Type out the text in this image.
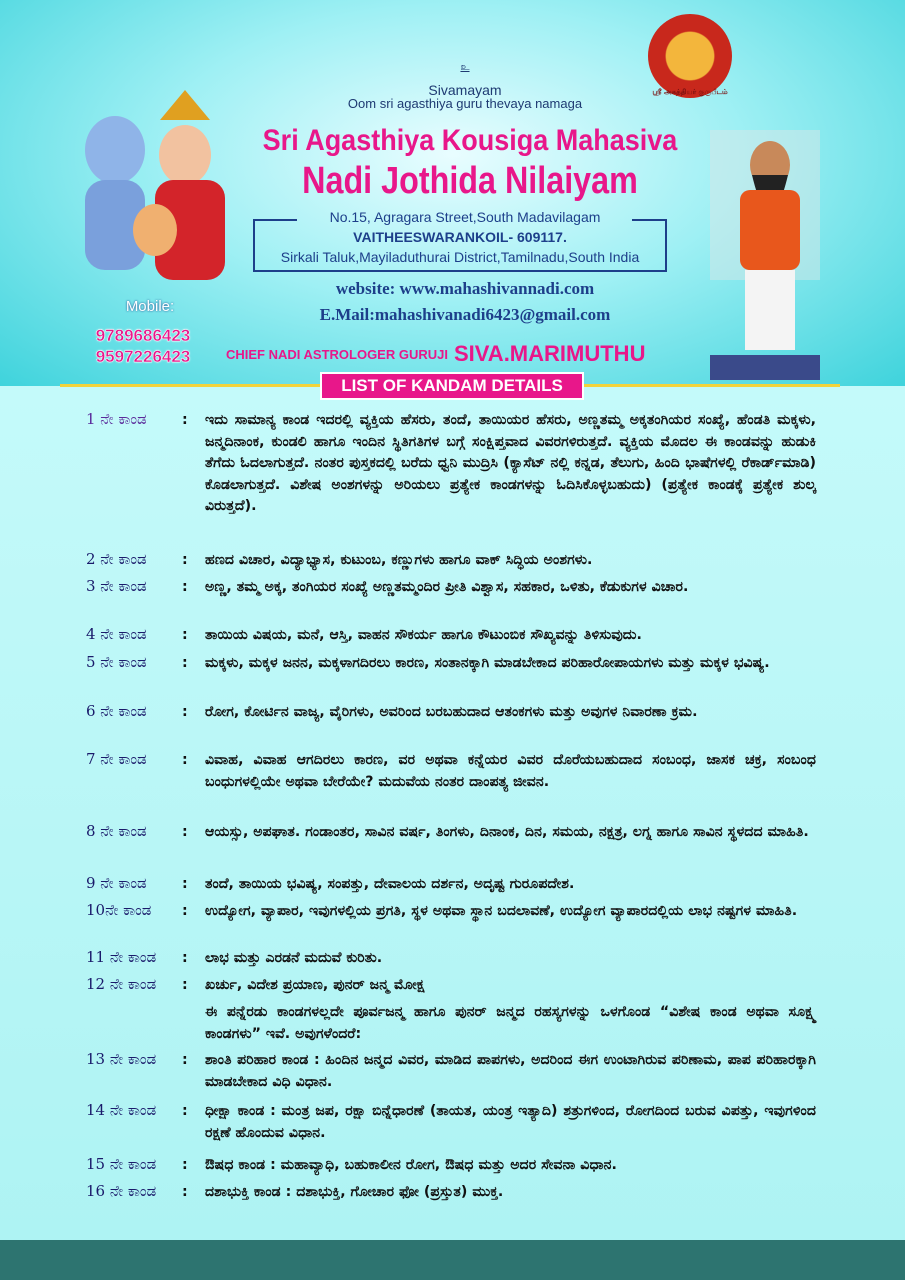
ஸ்ரீ அகத்தியர் குருபீடம்
உ
Sivamayam
Oom sri agasthiya guru thevaya namaga
Sri Agasthiya Kousiga Mahasiva
Nadi Jothida Nilaiyam
No.15, Agragara Street,South Madavilagam
VAITHEESWARANKOIL- 609117.
Sirkali Taluk,Mayiladuthurai District,Tamilnadu,South India
website: www.mahashivannadi.com
E.Mail:mahashivanadi6423@gmail.com
Mobile:
9789686423
9597226423	CHIEF NADI ASTROLOGER GURUJI SIVA.MARIMUTHU
LIST OF KANDAM DETAILS
1 ನೇ ಕಾಂಡ	: ಇದು ಸಾಮಾನ್ಯ ಕಾಂಡ ಇದರಲ್ಲಿ ವ್ಯಕ್ತಿಯ ಹೆಸರು, ತಂದೆ, ತಾಯಿಯರ ಹೆಸರು, ಅಣ್ಣತಮ್ಮ ಅಕ್ಕತಂಗಿಯರ ಸಂಖ್ಯೆ, ಹೆಂಡತಿ ಮಕ್ಕಳು, ಜನ್ಮದಿನಾಂಕ, ಕುಂಡಲಿ ಹಾಗೂ ಇಂದಿನ ಸ್ಥಿತಿಗತಿಗಳ ಬಗ್ಗೆ ಸಂಕ್ಷಿಪ್ತವಾದ ವಿವರಗಳಿರುತ್ತದೆ. ವ್ಯಕ್ತಿಯ ಮೊದಲ ಈ ಕಾಂಡವನ್ನು ಹುಡುಕಿ ತೆಗೆದು ಓದಲಾಗುತ್ತದೆ. ನಂತರ ಪುಸ್ತಕದಲ್ಲಿ ಬರೆದು ಧ್ವನಿ ಮುದ್ರಿಸಿ (ಕ್ಯಾಸೆಟ್ ನಲ್ಲಿ ಕನ್ನಡ, ತೆಲುಗು, ಹಿಂದಿ ಭಾಷೆಗಳಲ್ಲಿ ರೆಕಾರ್ಡ್‌ಮಾಡಿ) ಕೊಡಲಾಗುತ್ತದೆ. ವಿಶೇಷ ಅಂಶಗಳನ್ನು ಅರಿಯಲು ಪ್ರತ್ಯೇಕ ಕಾಂಡಗಳನ್ನು ಓದಿಸಿಕೊಳ್ಳಬಹುದು) (ಪ್ರತ್ಯೇಕ ಕಾಂಡಕ್ಕೆ ಪ್ರತ್ಯೇಕ ಶುಲ್ಕ ವಿರುತ್ತದೆ).
2 ನೇ ಕಾಂಡ	: ಹಣದ ವಿಚಾರ, ವಿದ್ಯಾಭ್ಯಾಸ, ಕುಟುಂಬ, ಕಣ್ಣುಗಳು ಹಾಗೂ ವಾಕ್ ಸಿದ್ಧಿಯ ಅಂಶಗಳು.
3 ನೇ ಕಾಂಡ	: ಅಣ್ಣ, ತಮ್ಮ ಅಕ್ಕ, ತಂಗಿಯರ ಸಂಖ್ಯೆ ಅಣ್ಣತಮ್ಮಂದಿರ ಪ್ರೀತಿ ವಿಶ್ವಾಸ, ಸಹಕಾರ, ಒಳಿತು, ಕೆಡುಕುಗಳ ವಿಚಾರ.
4 ನೇ ಕಾಂಡ	: ತಾಯಿಯ ವಿಷಯ, ಮನೆ, ಆಸ್ತಿ, ವಾಹನ ಸೌಕರ್ಯ ಹಾಗೂ ಕೌಟುಂಬಿಕ ಸೌಖ್ಯವನ್ನು ತಿಳಿಸುವುದು.
5 ನೇ ಕಾಂಡ	: ಮಕ್ಕಳು, ಮಕ್ಕಳ ಜನನ, ಮಕ್ಕಳಾಗದಿರಲು ಕಾರಣ, ಸಂತಾನಕ್ಕಾಗಿ ಮಾಡಬೇಕಾದ ಪರಿಹಾರೋಪಾಯಗಳು ಮತ್ತು ಮಕ್ಕಳ ಭವಿಷ್ಯ.
6 ನೇ ಕಾಂಡ	: ರೋಗ, ಕೋರ್ಟಿನ ವಾಜ್ಯ, ವೈರಿಗಳು, ಅವರಿಂದ ಬರಬಹುದಾದ ಆತಂಕಗಳು ಮತ್ತು ಅವುಗಳ ನಿವಾರಣಾ ಕ್ರಮ.
7 ನೇ ಕಾಂಡ	: ವಿವಾಹ, ವಿವಾಹ ಆಗದಿರಲು ಕಾರಣ, ವರ ಅಥವಾ ಕನ್ನೆಯರ ವಿವರ ದೊರೆಯಬಹುದಾದ ಸಂಬಂಧ, ಜಾಸಕ ಚಕ್ರ, ಸಂಬಂಧ ಬಂಧುಗಳಲ್ಲಿಯೇ ಅಥವಾ ಬೇರೆಯೇ? ಮದುವೆಯ ನಂತರ ದಾಂಪತ್ಯ ಜೀವನ.
8 ನೇ ಕಾಂಡ	: ಆಯಸ್ಸು, ಅಪಘಾತ. ಗಂಡಾಂತರ, ಸಾವಿನ ವರ್ಷ, ತಿಂಗಳು, ದಿನಾಂಕ, ದಿನ, ಸಮಯ, ನಕ್ಷತ್ರ, ಲಗ್ನ ಹಾಗೂ ಸಾವಿನ ಸ್ಥಳದದ ಮಾಹಿತಿ.
9 ನೇ ಕಾಂಡ	: ತಂದೆ, ತಾಯಿಯ ಭವಿಷ್ಯ, ಸಂಪತ್ತು, ದೇವಾಲಯ ದರ್ಶನ, ಅದೃಷ್ಟ ಗುರೂಪದೇಶ.
10ನೇ ಕಾಂಡ	: ಉದ್ಯೋಗ, ವ್ಯಾಪಾರ, ಇವುಗಳಲ್ಲಿಯ ಪ್ರಗತಿ, ಸ್ಥಳ ಅಥವಾ ಸ್ಥಾನ ಬದಲಾವಣೆ, ಉದ್ಯೋಗ ವ್ಯಾಪಾರದಲ್ಲಿಯ ಲಾಭ ನಷ್ಟಗಳ ಮಾಹಿತಿ.
11 ನೇ ಕಾಂಡ	: ಲಾಭ ಮತ್ತು ಎರಡನೆ ಮದುವೆ ಕುರಿತು.
12 ನೇ ಕಾಂಡ	: ಖರ್ಚು, ವಿದೇಶ ಪ್ರಯಾಣ, ಪುನರ್ ಜನ್ಮ ಮೋಕ್ಷ
13 ನೇ ಕಾಂಡ	: ಶಾಂತಿ ಪರಿಹಾರ ಕಾಂಡ : ಹಿಂದಿನ ಜನ್ಮದ ವಿವರ, ಮಾಡಿದ ಪಾಪಗಳು, ಅದರಿಂದ ಈಗ ಉಂಟಾಗಿರುವ ಪರಿಣಾಮ, ಪಾಪ ಪರಿಹಾರಕ್ಕಾಗಿ ಮಾಡಬೇಕಾದ ವಿಧಿ ವಿಧಾನ.
14 ನೇ ಕಾಂಡ	: ಧೀಕ್ಷಾ ಕಾಂಡ : ಮಂತ್ರ ಜಪ, ರಕ್ಷಾ ಬಿನ್ನೆಧಾರಣೆ (ತಾಯತ, ಯಂತ್ರ ಇತ್ಯಾದಿ) ಶತ್ರುಗಳಿಂದ, ರೋಗದಿಂದ ಬರುವ ವಿಪತ್ತು, ಇವುಗಳಿಂದ ರಕ್ಷಣೆ ಹೊಂದುವ ವಿಧಾನ.
15 ನೇ ಕಾಂಡ	: ಔಷಧ ಕಾಂಡ : ಮಹಾವ್ಯಾಧಿ, ಬಹುಕಾಲೀನ ರೋಗ, ಔಷಧ ಮತ್ತು ಅದರ ಸೇವನಾ ವಿಧಾನ.
16 ನೇ ಕಾಂಡ	: ದಶಾಭುಕ್ತಿ ಕಾಂಡ : ದಶಾಭುಕ್ತಿ, ಗೋಚಾರ ಫೋ (ಪ್ರಸ್ತುತ) ಮುಕ್ತ.
ಈ ಪನ್ನೆರಡು ಕಾಂಡಗಳಲ್ಲದೇ ಪೂರ್ವಜನ್ಮ ಹಾಗೂ ಪುನರ್ ಜನ್ಮದ ರಹಸ್ಯಗಳನ್ನು ಒಳಗೊಂಡ “ವಿಶೇಷ ಕಾಂಡ ಅಥವಾ ಸೂಕ್ಷ್ಮ ಕಾಂಡಗಳು” ಇವೆ. ಅವುಗಳೆಂದರೆ:
